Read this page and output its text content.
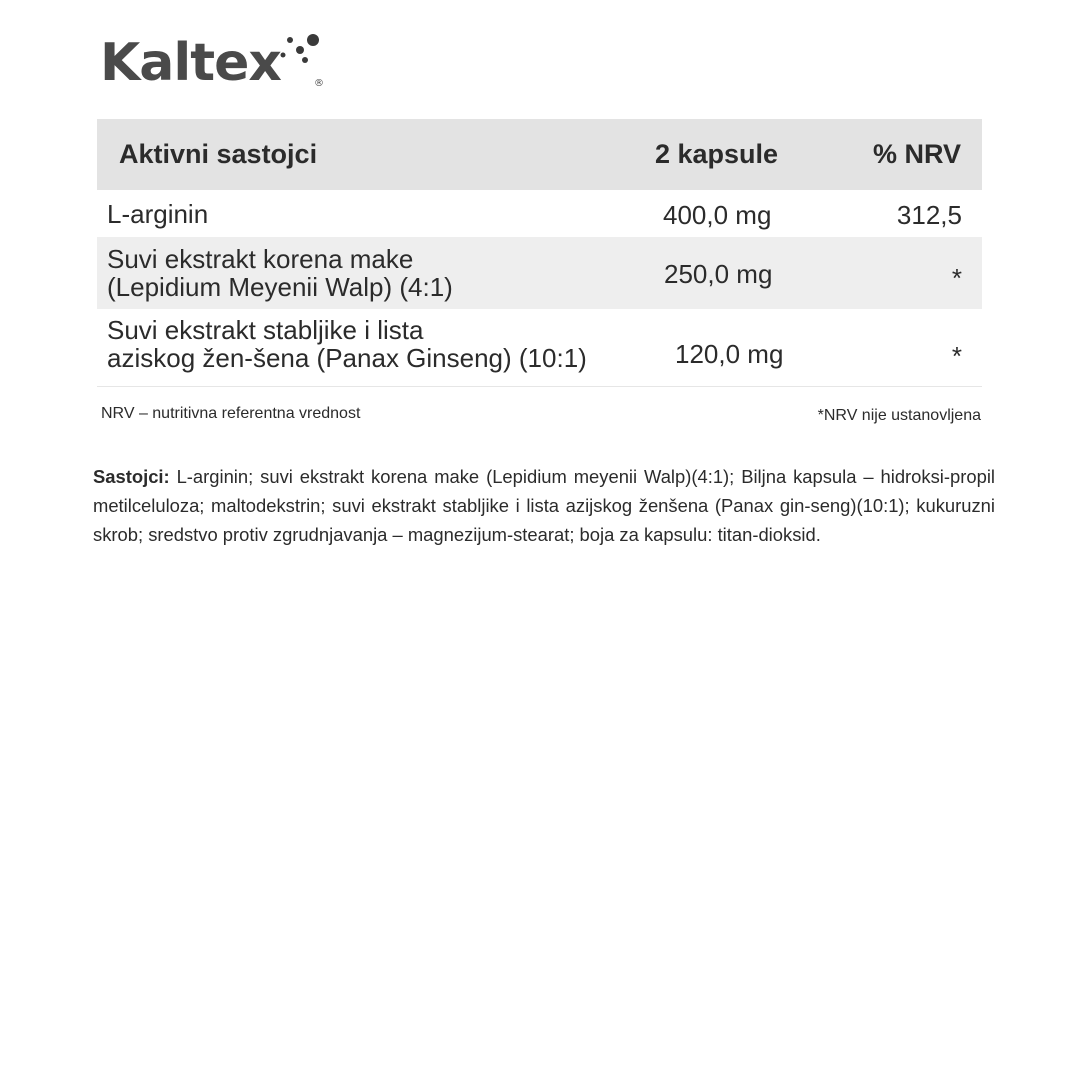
Kaltex	®
Aktivni sastojci	2 kapsule	% NRV
L-arginin	400,0 mg	312,5
Suvi ekstrakt korena make
(Lepidium Meyenii Walp) (4:1)	250,0 mg	*
Suvi ekstrakt stabljike i lista
aziskog žen-šena (Panax Ginseng) (10:1)	120,0 mg	*
NRV – nutritivna referentna vrednost	*NRV nije ustanovljena
Sastojci: L-arginin; suvi ekstrakt korena make (Lepidium meyenii Walp)(4:1); Biljna kapsula – hidroksi-propil metilceluloza; maltodekstrin; suvi ekstrakt stabljike i lista azijskog ženšena (Panax gin-seng)(10:1); kukuruzni skrob; sredstvo protiv zgrudnjavanja – magnezijum-stearat; boja za kapsulu: titan-dioksid.
